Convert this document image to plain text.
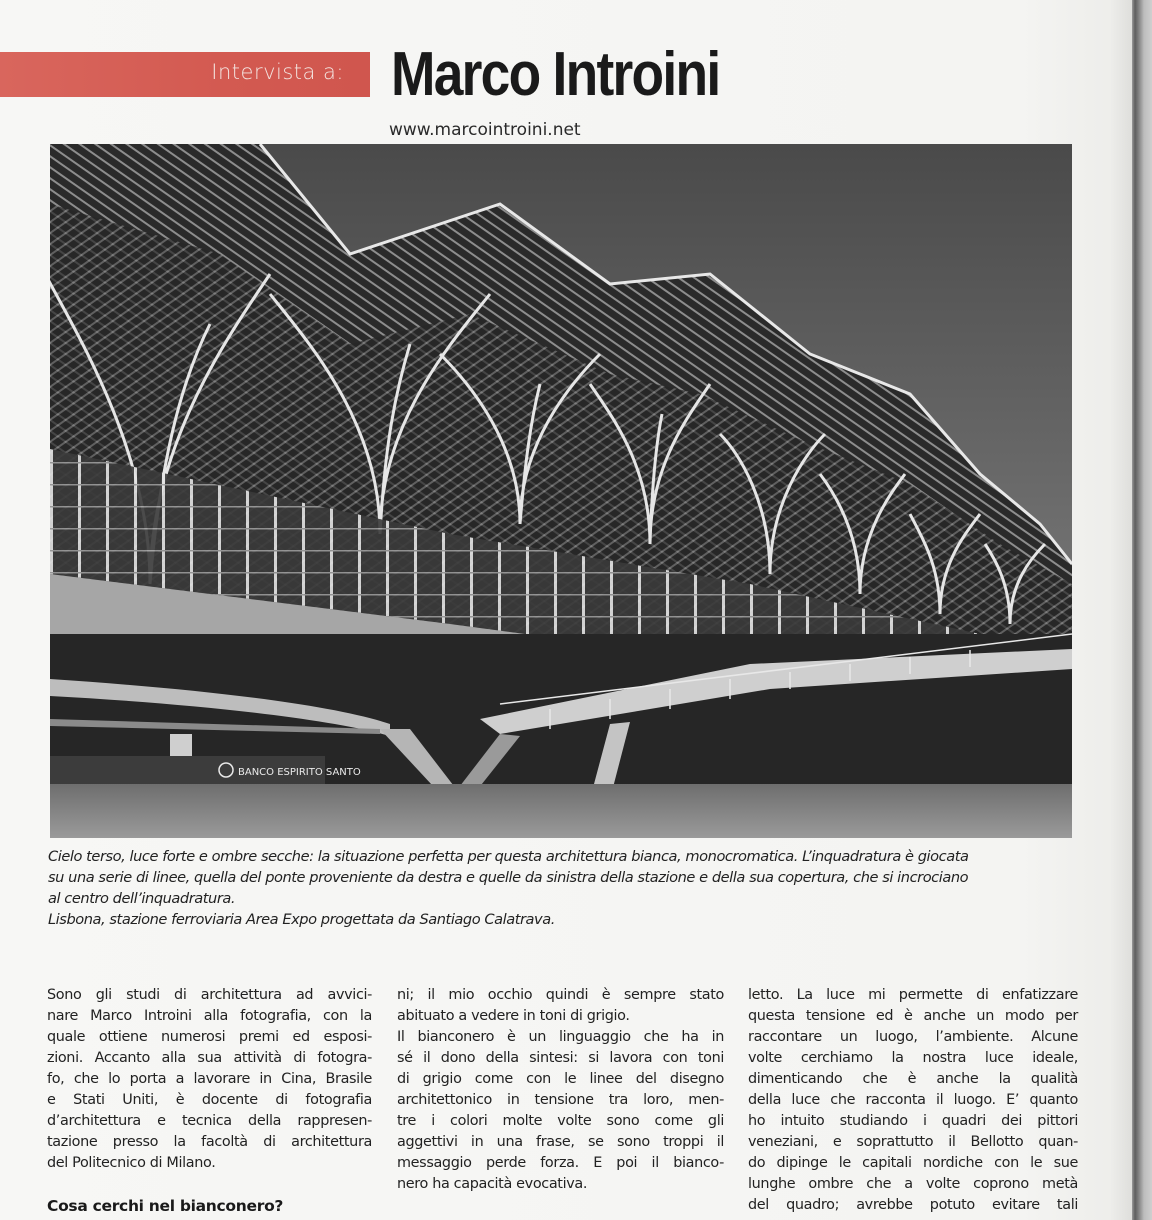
Intervista a: Marco Introini
www.marcointroini.net
BANCO ESPIRITO SANTO

Cielo terso, luce forte e ombre secche: la situazione perfetta per questa architettura bianca, monocromatica. L’inquadratura è giocata

su una serie di linee, quella del ponte proveniente da destra e quelle da sinistra della stazione e della sua copertura, che si incrociano

al centro dell’inquadratura.

Lisbona, stazione ferroviaria Area Expo progettata da Santiago Calatrava.

Sono gli studi di architettura ad avvici-
nare Marco Introini alla fotografia, con la
quale ottiene numerosi premi ed esposi-
zioni. Accanto alla sua attività di fotogra-
fo, che lo porta a lavorare in Cina, Brasile
e Stati Uniti, è docente di fotografia
d’architettura e tecnica della rappresen-
tazione presso la facoltà di architettura
del Politecnico di Milano.
Cosa cerchi nel bianconero?
ni; il mio occhio quindi è sempre stato
abituato a vedere in toni di grigio.
Il bianconero è un linguaggio che ha in
sé il dono della sintesi: si lavora con toni
di grigio come con le linee del disegno
architettonico in tensione tra loro, men-
tre i colori molte volte sono come gli
aggettivi in una frase, se sono troppi il
messaggio perde forza. E poi il bianco-
nero ha capacità evocativa.
letto. La luce mi permette di enfatizzare
questa tensione ed è anche un modo per
raccontare un luogo, l’ambiente. Alcune
volte cerchiamo la nostra luce ideale,
dimenticando che è anche la qualità
della luce che racconta il luogo. E’ quanto
ho intuito studiando i quadri dei pittori
veneziani, e soprattutto il Bellotto quan-
do dipinge le capitali nordiche con le sue
lunghe ombre che a volte coprono metà
del quadro; avrebbe potuto evitare tali
